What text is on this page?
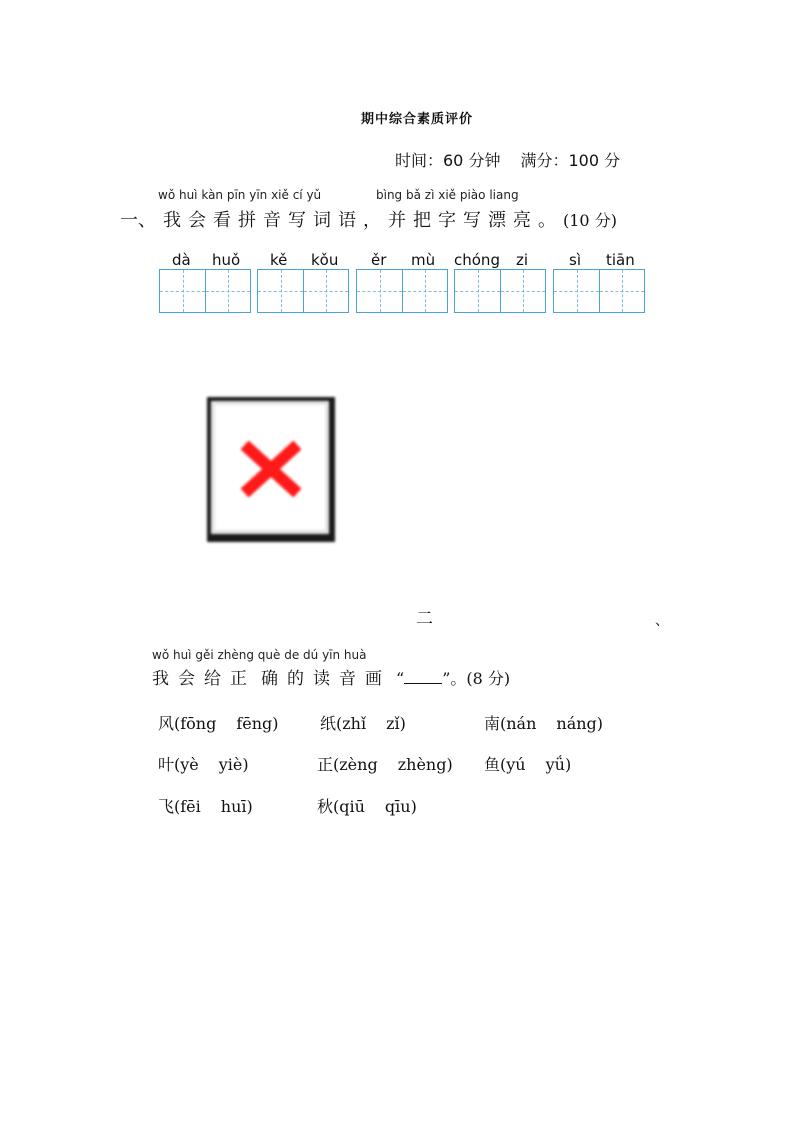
期中综合素质评价
时间：60 分钟 满分：100 分
wǒ huì kàn pīn yīn xiě cí yǔ	bìng bǎ zì xiě piào liang
一、 我 会 看 拼 音 写 词 语 ， 并 把 字 写 漂 亮 。 (10 分)
dà huǒ kě kǒu ěr mù chóng zi	sì tiān
二	、
wǒ huì gěi zhèng què de dú yīn huà
我 会 给 正 确 的 读 音 画 “ ”。(8 分)
风(fōng fēng)	纸(zhǐ zǐ)	南(nán náng)
叶(yè yiè)	正(zèng zhèng) 鱼(yú yǘ)
飞(fēi huī)	秋(qiū qīu)
